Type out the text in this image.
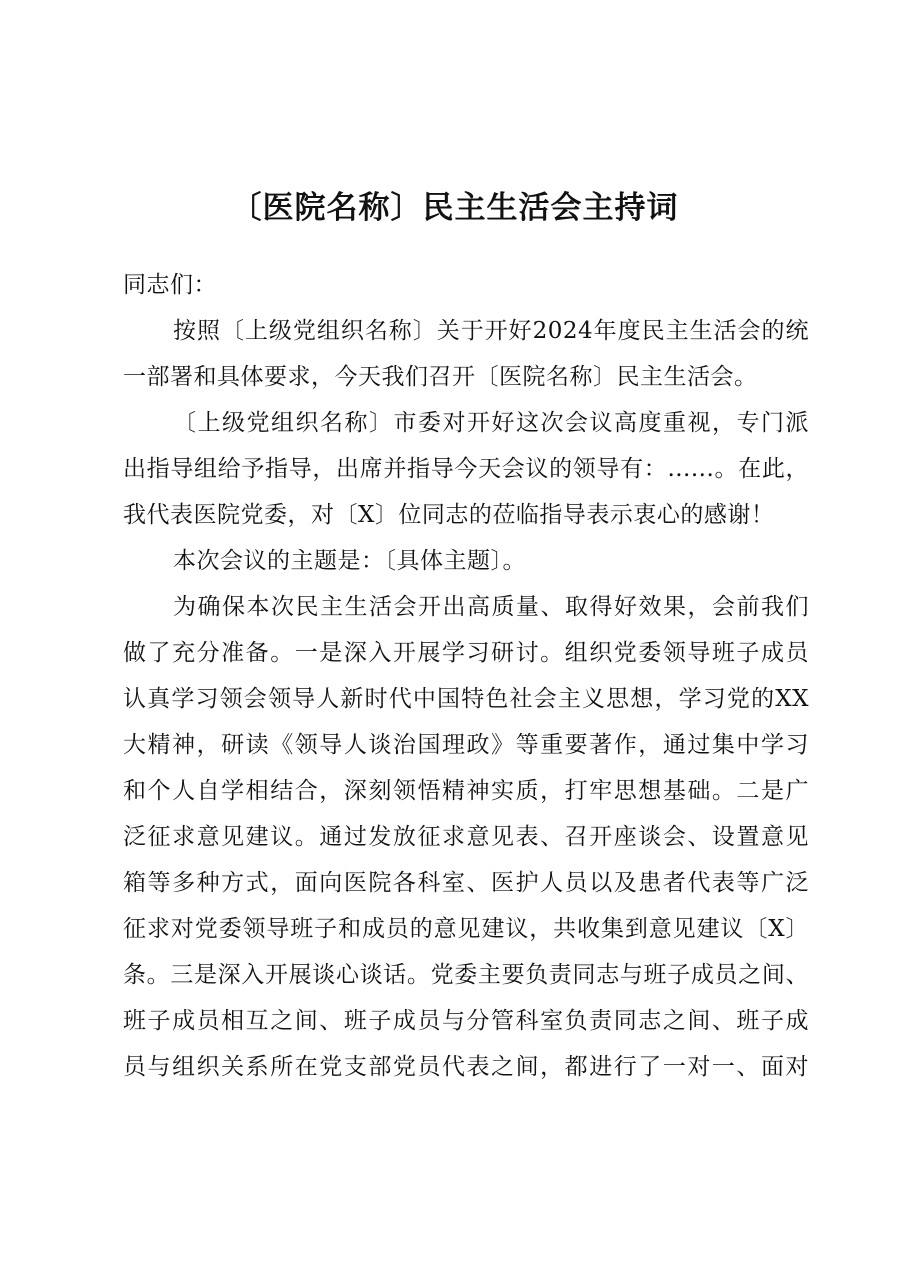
〔医院名称〕民主生活会主持词
同志们：
按照〔上级党组织名称〕关于开好2024年度民主生活会的统
一部署和具体要求，今天我们召开〔医院名称〕民主生活会。
〔上级党组织名称〕市委对开好这次会议高度重视，专门派
出指导组给予指导，出席并指导今天会议的领导有：......。在此，
我代表医院党委，对〔X〕位同志的莅临指导表示衷心的感谢！
本次会议的主题是：〔具体主题〕。
为确保本次民主生活会开出高质量、取得好效果，会前我们
做了充分准备。一是深入开展学习研讨。组织党委领导班子成员
认真学习领会领导人新时代中国特色社会主义思想，学习党的XX
大精神，研读《领导人谈治国理政》等重要著作，通过集中学习
和个人自学相结合，深刻领悟精神实质，打牢思想基础。二是广
泛征求意见建议。通过发放征求意见表、召开座谈会、设置意见
箱等多种方式，面向医院各科室、医护人员以及患者代表等广泛
征求对党委领导班子和成员的意见建议，共收集到意见建议〔X〕
条。三是深入开展谈心谈话。党委主要负责同志与班子成员之间、
班子成员相互之间、班子成员与分管科室负责同志之间、班子成
员与组织关系所在党支部党员代表之间，都进行了一对一、面对
